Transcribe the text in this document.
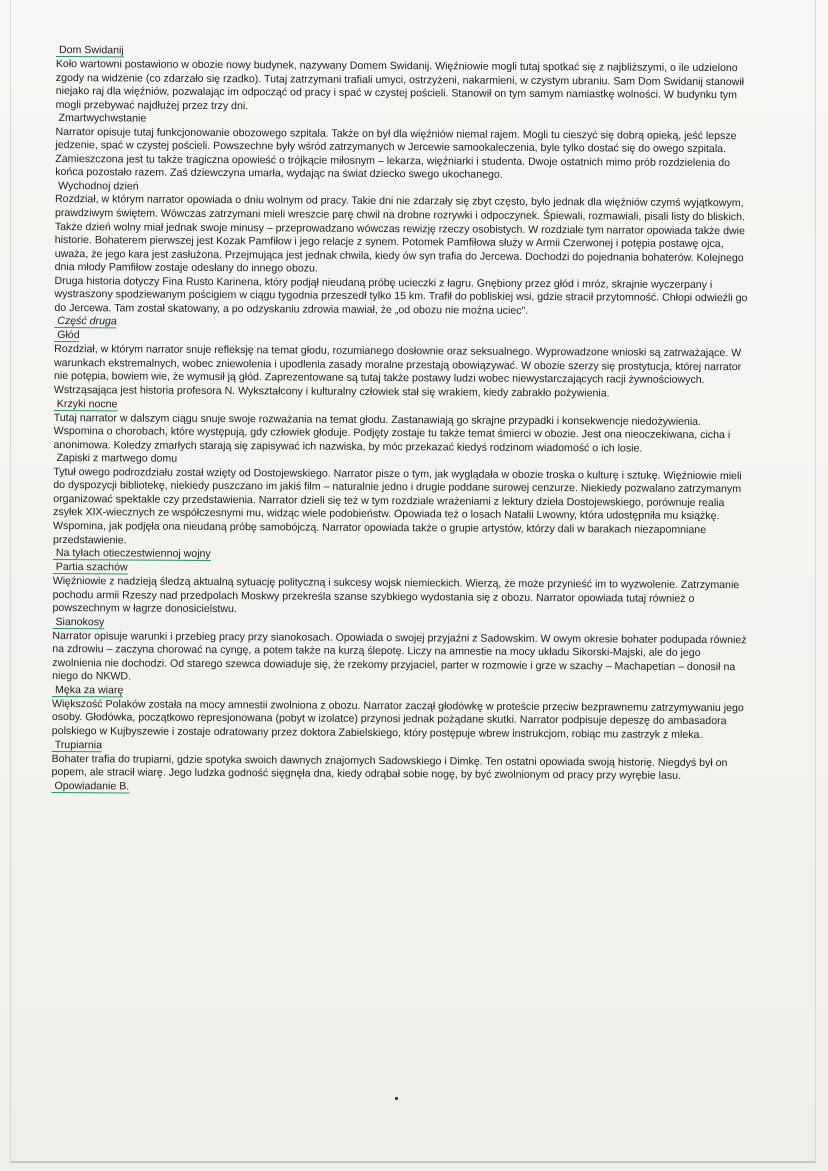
Dom Swidanij

Koło wartowni postawiono w obozie nowy budynek, nazywany Domem Swidanij. Więźniowie mogli tutaj spotkać się z najbliższymi, o ile udzielono zgody na widzenie (co zdarzało się rzadko). Tutaj zatrzymani trafiali umyci, ostrzyżeni, nakarmieni, w czystym ubraniu. Sam Dom Swidanij stanowił niejako raj dla więźniów, pozwalając im odpocząć od pracy i spać w czystej pościeli. Stanowił on tym samym namiastkę wolności. W budynku tym mogli przebywać najdłużej przez trzy dni.

Zmartwychwstanie

Narrator opisuje tutaj funkcjonowanie obozowego szpitala. Także on był dla więźniów niemal rajem. Mogli tu cieszyć się dobrą opieką, jeść lepsze jedzenie, spać w czystej pościeli. Powszechne były wśród zatrzymanych w Jercewie samookaleczenia, byle tylko dostać się do owego szpitala. Zamieszczona jest tu także tragiczna opowieść o trójkącie miłosnym – lekarza, więźniarki i studenta. Dwoje ostatnich mimo prób rozdzielenia do końca pozostało razem. Zaś dziewczyna umarła, wydając na świat dziecko swego ukochanego.

Wychodnoj dzień

Rozdział, w którym narrator opowiada o dniu wolnym od pracy. Takie dni nie zdarzały się zbyt często, było jednak dla więźniów czymś wyjątkowym, prawdziwym świętem. Wówczas zatrzymani mieli wreszcie parę chwil na drobne rozrywki i odpoczynek. Śpiewali, rozmawiali, pisali listy do bliskich. Także dzień wolny miał jednak swoje minusy – przeprowadzano wówczas rewizję rzeczy osobistych. W rozdziale tym narrator opowiada także dwie historie. Bohaterem pierwszej jest Kozak Pamfiłow i jego relacje z synem. Potomek Pamfiłowa służy w Armii Czerwonej i potępia postawę ojca, uważa, że jego kara jest zasłużona. Przejmująca jest jednak chwila, kiedy ów syn trafia do Jercewa. Dochodzi do pojednania bohaterów. Kolejnego dnia młody Pamfiłow zostaje odesłany do innego obozu.

Druga historia dotyczy Fina Rusto Karinena, który podjął nieudaną próbę ucieczki z łagru. Gnębiony przez głód i mróz, skrajnie wyczerpany i wystraszony spodziewanym pościgiem w ciągu tygodnia przeszedł tylko 15 km. Trafił do pobliskiej wsi, gdzie stracił przytomność. Chłopi odwieźli go do Jercewa. Tam został skatowany, a po odzyskaniu zdrowia mawiał, że „od obozu nie można uciec".

Część druga
Głód

Rozdział, w którym narrator snuje refleksję na temat głodu, rozumianego dosłownie oraz seksualnego. Wyprowadzone wnioski są zatrważające. W warunkach ekstremalnych, wobec zniewolenia i upodlenia zasady moralne przestają obowiązywać. W obozie szerzy się prostytucja, której narrator nie potępia, bowiem wie, że wymusił ją głód. Zaprezentowane są tutaj także postawy ludzi wobec niewystarczających racji żywnościowych. Wstrząsająca jest historia profesora N. Wykształcony i kulturalny człowiek stał się wrakiem, kiedy zabrakło pożywienia.

Krzyki nocne

Tutaj narrator w dalszym ciągu snuje swoje rozważania na temat głodu. Zastanawiają go skrajne przypadki i konsekwencje niedożywienia. Wspomina o chorobach, które występują, gdy człowiek głoduje. Podjęty zostaje tu także temat śmierci w obozie. Jest ona nieoczekiwana, cicha i anonimowa. Koledzy zmarłych starają się zapisywać ich nazwiska, by móc przekazać kiedyś rodzinom wiadomość o ich losie.

Zapiski z martwego domu

Tytuł owego podrozdziału został wzięty od Dostojewskiego. Narrator pisze o tym, jak wyglądała w obozie troska o kulturę i sztukę. Więźniowie mieli do dyspozycji bibliotekę, niekiedy puszczano im jakiś film – naturalnie jedno i drugie poddane surowej cenzurze. Niekiedy pozwalano zatrzymanym organizować spektakle czy przedstawienia. Narrator dzieli się też w tym rozdziale wrażeniami z lektury dzieła Dostojewskiego, porównuje realia zsyłek XIX-wiecznych ze współczesnymi mu, widząc wiele podobieństw. Opowiada też o losach Natalii Lwowny, która udostępniła mu książkę. Wspomina, jak podjęła ona nieudaną próbę samobójczą. Narrator opowiada także o grupie artystów, którzy dali w barakach niezapomniane przedstawienie.

Na tyłach otieczestwiennoj wojny
Partia szachów

Więźniowie z nadzieją śledzą aktualną sytuację polityczną i sukcesy wojsk niemieckich. Wierzą, że może przynieść im to wyzwolenie. Zatrzymanie pochodu armii Rzeszy nad przedpolach Moskwy przekreśla szanse szybkiego wydostania się z obozu. Narrator opowiada tutaj również o powszechnym w łagrze donosicielstwu.

Sianokosy

Narrator opisuje warunki i przebieg pracy przy sianokosach. Opowiada o swojej przyjaźni z Sadowskim. W owym okresie bohater podupada również na zdrowiu – zaczyna chorować na cyngę, a potem także na kurzą ślepotę. Liczy na amnestie na mocy układu Sikorski-Majski, ale do jego zwolnienia nie dochodzi. Od starego szewca dowiaduje się, że rzekomy przyjaciel, parter w rozmowie i grze w szachy – Machapetian – donosił na niego do NKWD.

Męka za wiarę

Większość Polaków została na mocy amnestii zwolniona z obozu. Narrator zaczął głodówkę w proteście przeciw bezprawnemu zatrzymywaniu jego osoby. Głodówka, początkowo represjonowana (pobyt w izolatce) przynosi jednak pożądane skutki. Narrator podpisuje depeszę do ambasadora polskiego w Kujbyszewie i zostaje odratowany przez doktora Zabielskiego, który postępuje wbrew instrukcjom, robiąc mu zastrzyk z mleka.

Trupiarnia

Bohater trafia do trupiarni, gdzie spotyka swoich dawnych znajomych Sadowskiego i Dimkę. Ten ostatni opowiada swoją historię. Niegdyś był on popem, ale stracił wiarę. Jego ludzka godność sięgnęła dna, kiedy odrąbał sobie nogę, by być zwolnionym od pracy przy wyrębie lasu.

Opowiadanie B.
